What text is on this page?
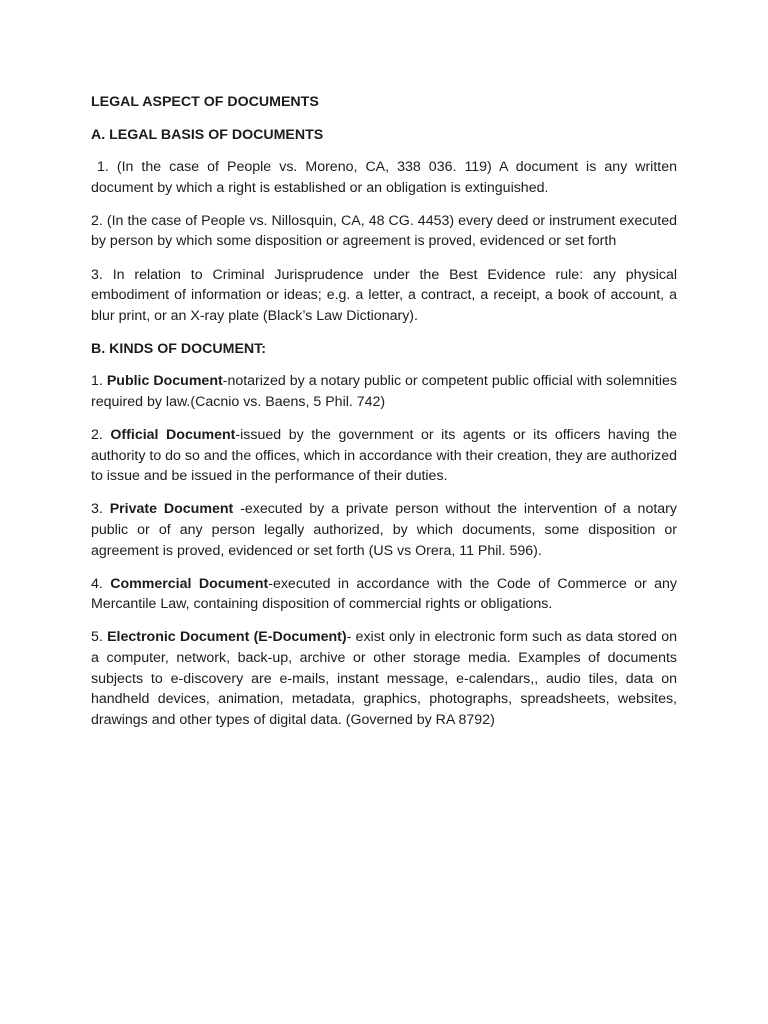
LEGAL ASPECT OF DOCUMENTS
A. LEGAL BASIS OF DOCUMENTS

1. (In the case of People vs. Moreno, CA, 338 036. 119) A document is any written document by which a right is established or an obligation is extinguished.

2. (In the case of People vs. Nillosquin, CA, 48 CG. 4453) every deed or instrument executed by person by which some disposition or agreement is proved, evidenced or set forth

3. In relation to Criminal Jurisprudence under the Best Evidence rule: any physical embodiment of information or ideas; e.g. a letter, a contract, a receipt, a book of account, a blur print, or an X-ray plate (Black’s Law Dictionary).

B. KINDS OF DOCUMENT:

1. Public Document-notarized by a notary public or competent public official with solemnities required by law.(Cacnio vs. Baens, 5 Phil. 742)

2. Official Document-issued by the government or its agents or its officers having the authority to do so and the offices, which in accordance with their creation, they are authorized to issue and be issued in the performance of their duties.

3. Private Document -executed by a private person without the intervention of a notary public or of any person legally authorized, by which documents, some disposition or agreement is proved, evidenced or set forth (US vs Orera, 11 Phil. 596).

4. Commercial Document-executed in accordance with the Code of Commerce or any Mercantile Law, containing disposition of commercial rights or obligations.

5. Electronic Document (E-Document)- exist only in electronic form such as data stored on a computer, network, back-up, archive or other storage media. Examples of documents subjects to e-discovery are e-mails, instant message, e-calendars,, audio tiles, data on handheld devices, animation, metadata, graphics, photographs, spreadsheets, websites, drawings and other types of digital data. (Governed by RA 8792)
